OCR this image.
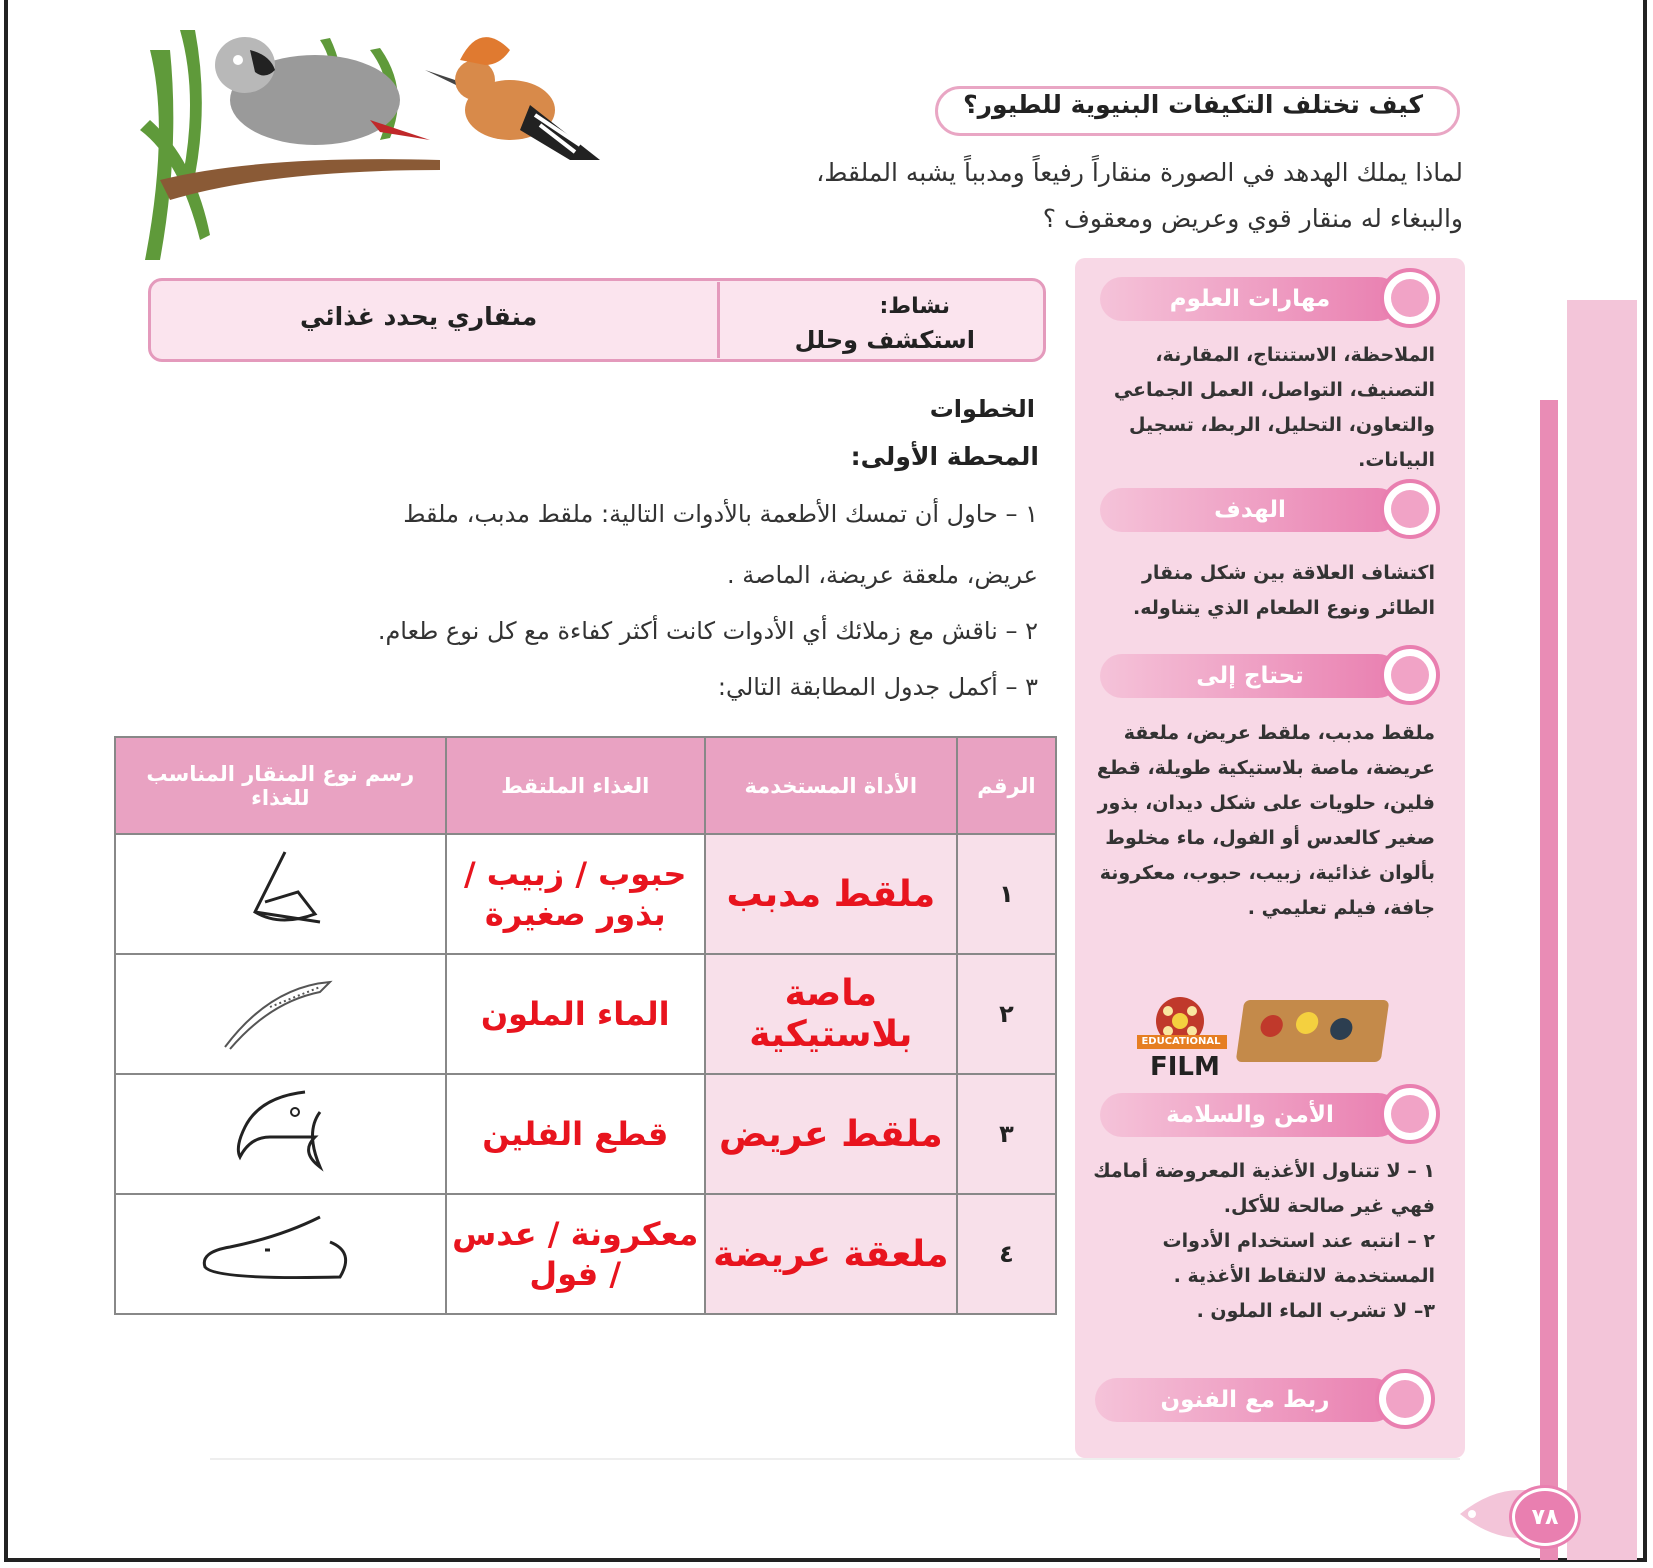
كيف تختلف التكيفات البنيوية للطيور؟
لماذا يملك الهدهد في الصورة منقاراً رفيعاً ومدبباً يشبه الملقط،
والببغاء له منقار قوي وعريض ومعقوف ؟
مهارات العلوم
الملاحظة، الاستنتاج، المقارنة، التصنيف، التواصل، العمل الجماعي والتعاون، التحليل، الربط، تسجيل البيانات.
الهدف
اكتشاف العلاقة بين شكل منقار الطائر ونوع الطعام الذي يتناوله.
تحتاج إلى
ملقط مدبب، ملقط عريض، ملعقة عريضة، ماصة بلاستيكية طويلة، قطع فلين، حلويات على شكل ديدان، بذور صغير كالعدس أو الفول، ماء مخلوط بألوان غذائية، زبيب، حبوب، معكرونة جافة، فيلم تعليمي .
EDUCATIONAL
FILM
الأمن والسلامة
١ – لا تتناول الأغذية المعروضة أمامك فهي غير صالحة للأكل.
٢ – انتبه عند استخدام الأدوات المستخدمة لالتقاط الأغذية .
٣– لا تشرب الماء الملون .
ربط مع الفنون
نشاط:
استكشف وحلل
منقاري يحدد غذائي
الخطوات
المحطة الأولى:
١ – حاول أن تمسك الأطعمة بالأدوات التالية: ملقط مدبب، ملقط
عريض، ملعقة عريضة، الماصة .
٢ – ناقش مع زملائك أي الأدوات كانت أكثر كفاءة مع كل نوع طعام.
٣ – أكمل جدول المطابقة التالي:
الرقم	الأداة المستخدمة	الغذاء الملتقط	رسم نوع المنقار المناسب للغذاء
١	ملقط مدبب	حبوب / زبيب / بذور صغيرة	
٢	ماصة بلاستيكية	الماء الملون	
٣	ملقط عريض	قطع الفلين	
٤	ملعقة عريضة	معكرونة / عدس / فول	
٧٨
